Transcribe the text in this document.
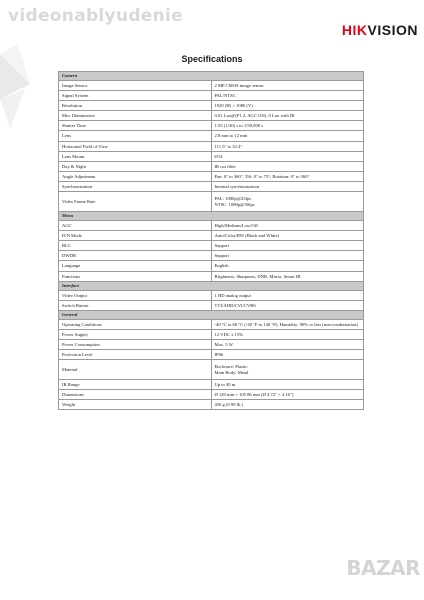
videonablyudenie
HIKVISION
Specifications
Camera	
Image Sensor	2 MP CMOS image sensor
Signal System	PAL/NTSC
Resolution	1920 (H) × 1080 (V)
Min. Illumination	0.01 Lux@(F1.2, AGC ON), 0 Lux with IR
Shutter Time	1/25 (1/30) s to 1/50,000 s
Lens	2.8 mm to 12 mm
Horizontal Field of View	111.5° to 33.4°
Lens Mount	Ø14
Day & Night	IR cut filter
Angle Adjustment	Pan: 0° to 360°, Tilt: 0° to 75°, Rotation: 0° to 360°
Synchronization	Internal synchronization
Video Frame Rate	PAL: 1080p@25fps
NTSC: 1080p@30fps

Menu	
AGC	High/Medium/Low/Off
D/N Mode	Auto/Color/BW (Black and White)
BLC	Support
DWDR	Support
Language	English
Functions	Brightness, Sharpness, DNR, Mirror, Smart IR
Interface	
Video Output	1 HD analog output
Switch Button	TVI/AHD/CVI/CVBS
General	
Operating Conditions	-40 °C to 60 °C (-40 °F to 140 °F), Humidity: 90% or less (non-condensation)
Power Supply	12 VDC ± 15%
Power Consumption	Max. 5 W
Protection Level	IP66
Material	Enclosure: Plastic
Main Body: Metal

IR Range	Up to 40 m
Dimensions	Ø 120 mm × 105.86 mm (Ø 4.72" × 4.16")
Weight	450 g (0.99 lb.)
BAZAR
